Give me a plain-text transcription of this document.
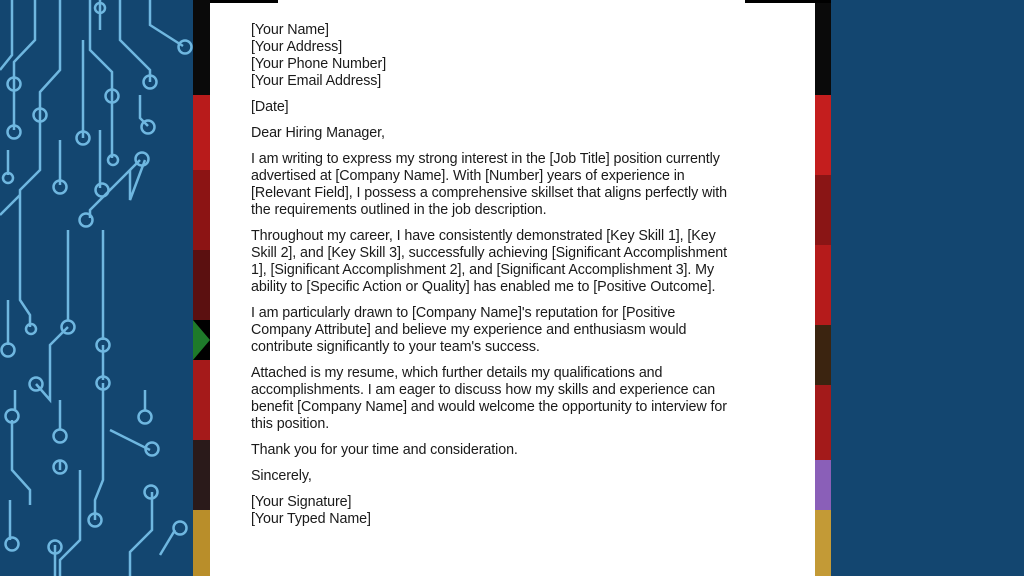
[Your Name]
[Your Address]
[Your Phone Number]
[Your Email Address]
[Date]
Dear Hiring Manager,
I am writing to express my strong interest in the [Job Title] position currently
advertised at [Company Name]. With [Number] years of experience in
[Relevant Field], I possess a comprehensive skillset that aligns perfectly with
the requirements outlined in the job description.
Throughout my career, I have consistently demonstrated [Key Skill 1], [Key
Skill 2], and [Key Skill 3], successfully achieving [Significant Accomplishment
1], [Significant Accomplishment 2], and [Significant Accomplishment 3]. My
ability to [Specific Action or Quality] has enabled me to [Positive Outcome].
I am particularly drawn to [Company Name]'s reputation for [Positive
Company Attribute] and believe my experience and enthusiasm would
contribute significantly to your team's success.
Attached is my resume, which further details my qualifications and
accomplishments. I am eager to discuss how my skills and experience can
benefit [Company Name] and would welcome the opportunity to interview for
this position.
Thank you for your time and consideration.
Sincerely,
[Your Signature]
[Your Typed Name]
